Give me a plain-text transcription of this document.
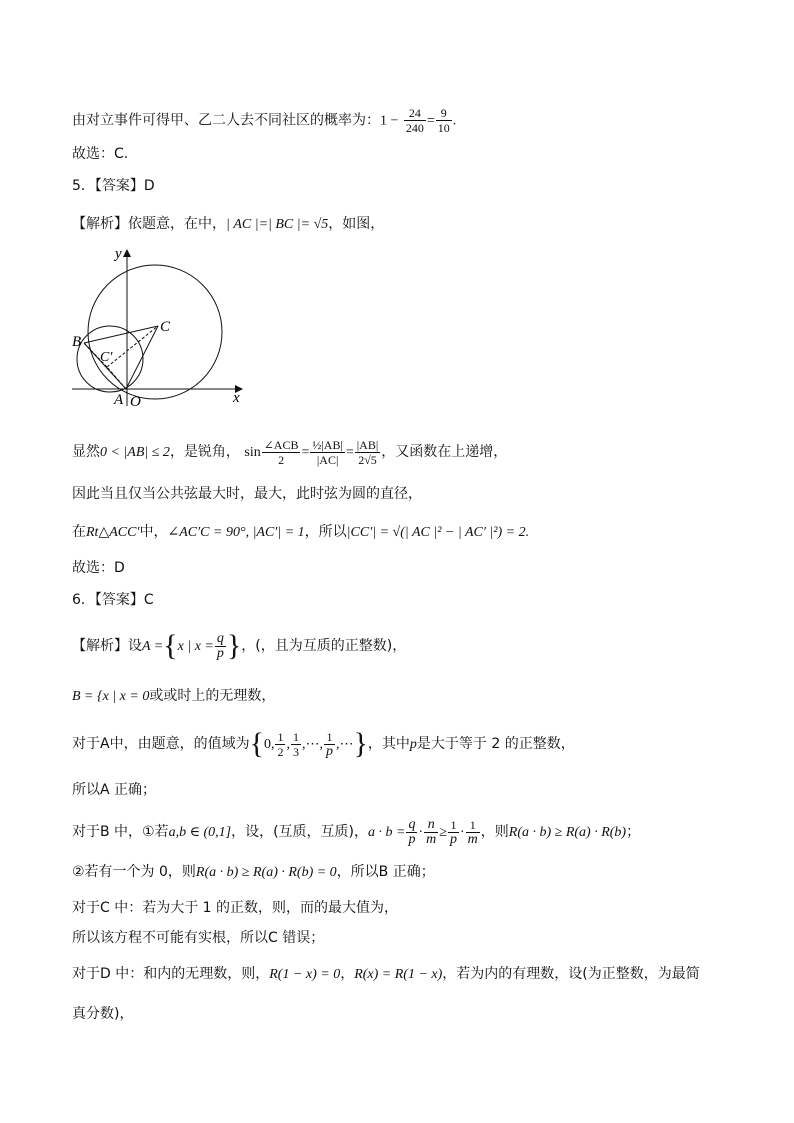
由对立事件可得甲、乙二人去不同社区的概率为：$1 - \frac{24}{240} = \frac{9}{10}$ .
故选：C.
5．【答案】D
【解析】依题意，在中，| AC |=| BC |= √5，如图，
y
x
B
C
C′
A O
显然0 < |AB| ≤ 2，是锐角， $\sin \frac{\text{∠ACB}}{2} = \frac{\text{½|AB|}}{|AC|} = \frac{|AB|}{2√5}$ ，又函数在上递增，
因此当且仅当公共弦最大时，最大，此时弦为圆的直径，
在Rt△ACC′中，∠AC′C = 90°, |AC′| = 1，所以|CC′| = √(| AC |² − | AC′ |²) = 2.
故选：D
6．【答案】C
【解析】设A ={x | $x = \frac{q}{p}$ }，(，且为互质的正整数)，
B = {x | x = 0或或时上的无理数，
对于A中，由题意，的值域为{0, $\frac{1}{2}$ , $\frac{1}{3}$ ,⋯, $\frac{1}{p}$ ,⋯}，其中p是大于等于 2 的正整数，
所以A 正确；
对于B 中，①若a,b ∈ (0,1]，设，(互质，互质)，$a \cdot b = \frac{q}{p} \cdot \frac{n}{m} \ge \frac{1}{p} \cdot \frac{1}{m}$ ，则R(a · b) ≥ R(a) · R(b)；
②若有一个为 0，则R(a · b) ≥ R(a) · R(b) = 0，所以B 正确；
对于C 中：若为大于 1 的正数，则，而的最大值为，
所以该方程不可能有实根，所以C 错误；
对于D 中：和内的无理数，则，R(1 − x) = 0，R(x) = R(1 − x)，若为内的有理数，设(为正整数，为最简
真分数)，
